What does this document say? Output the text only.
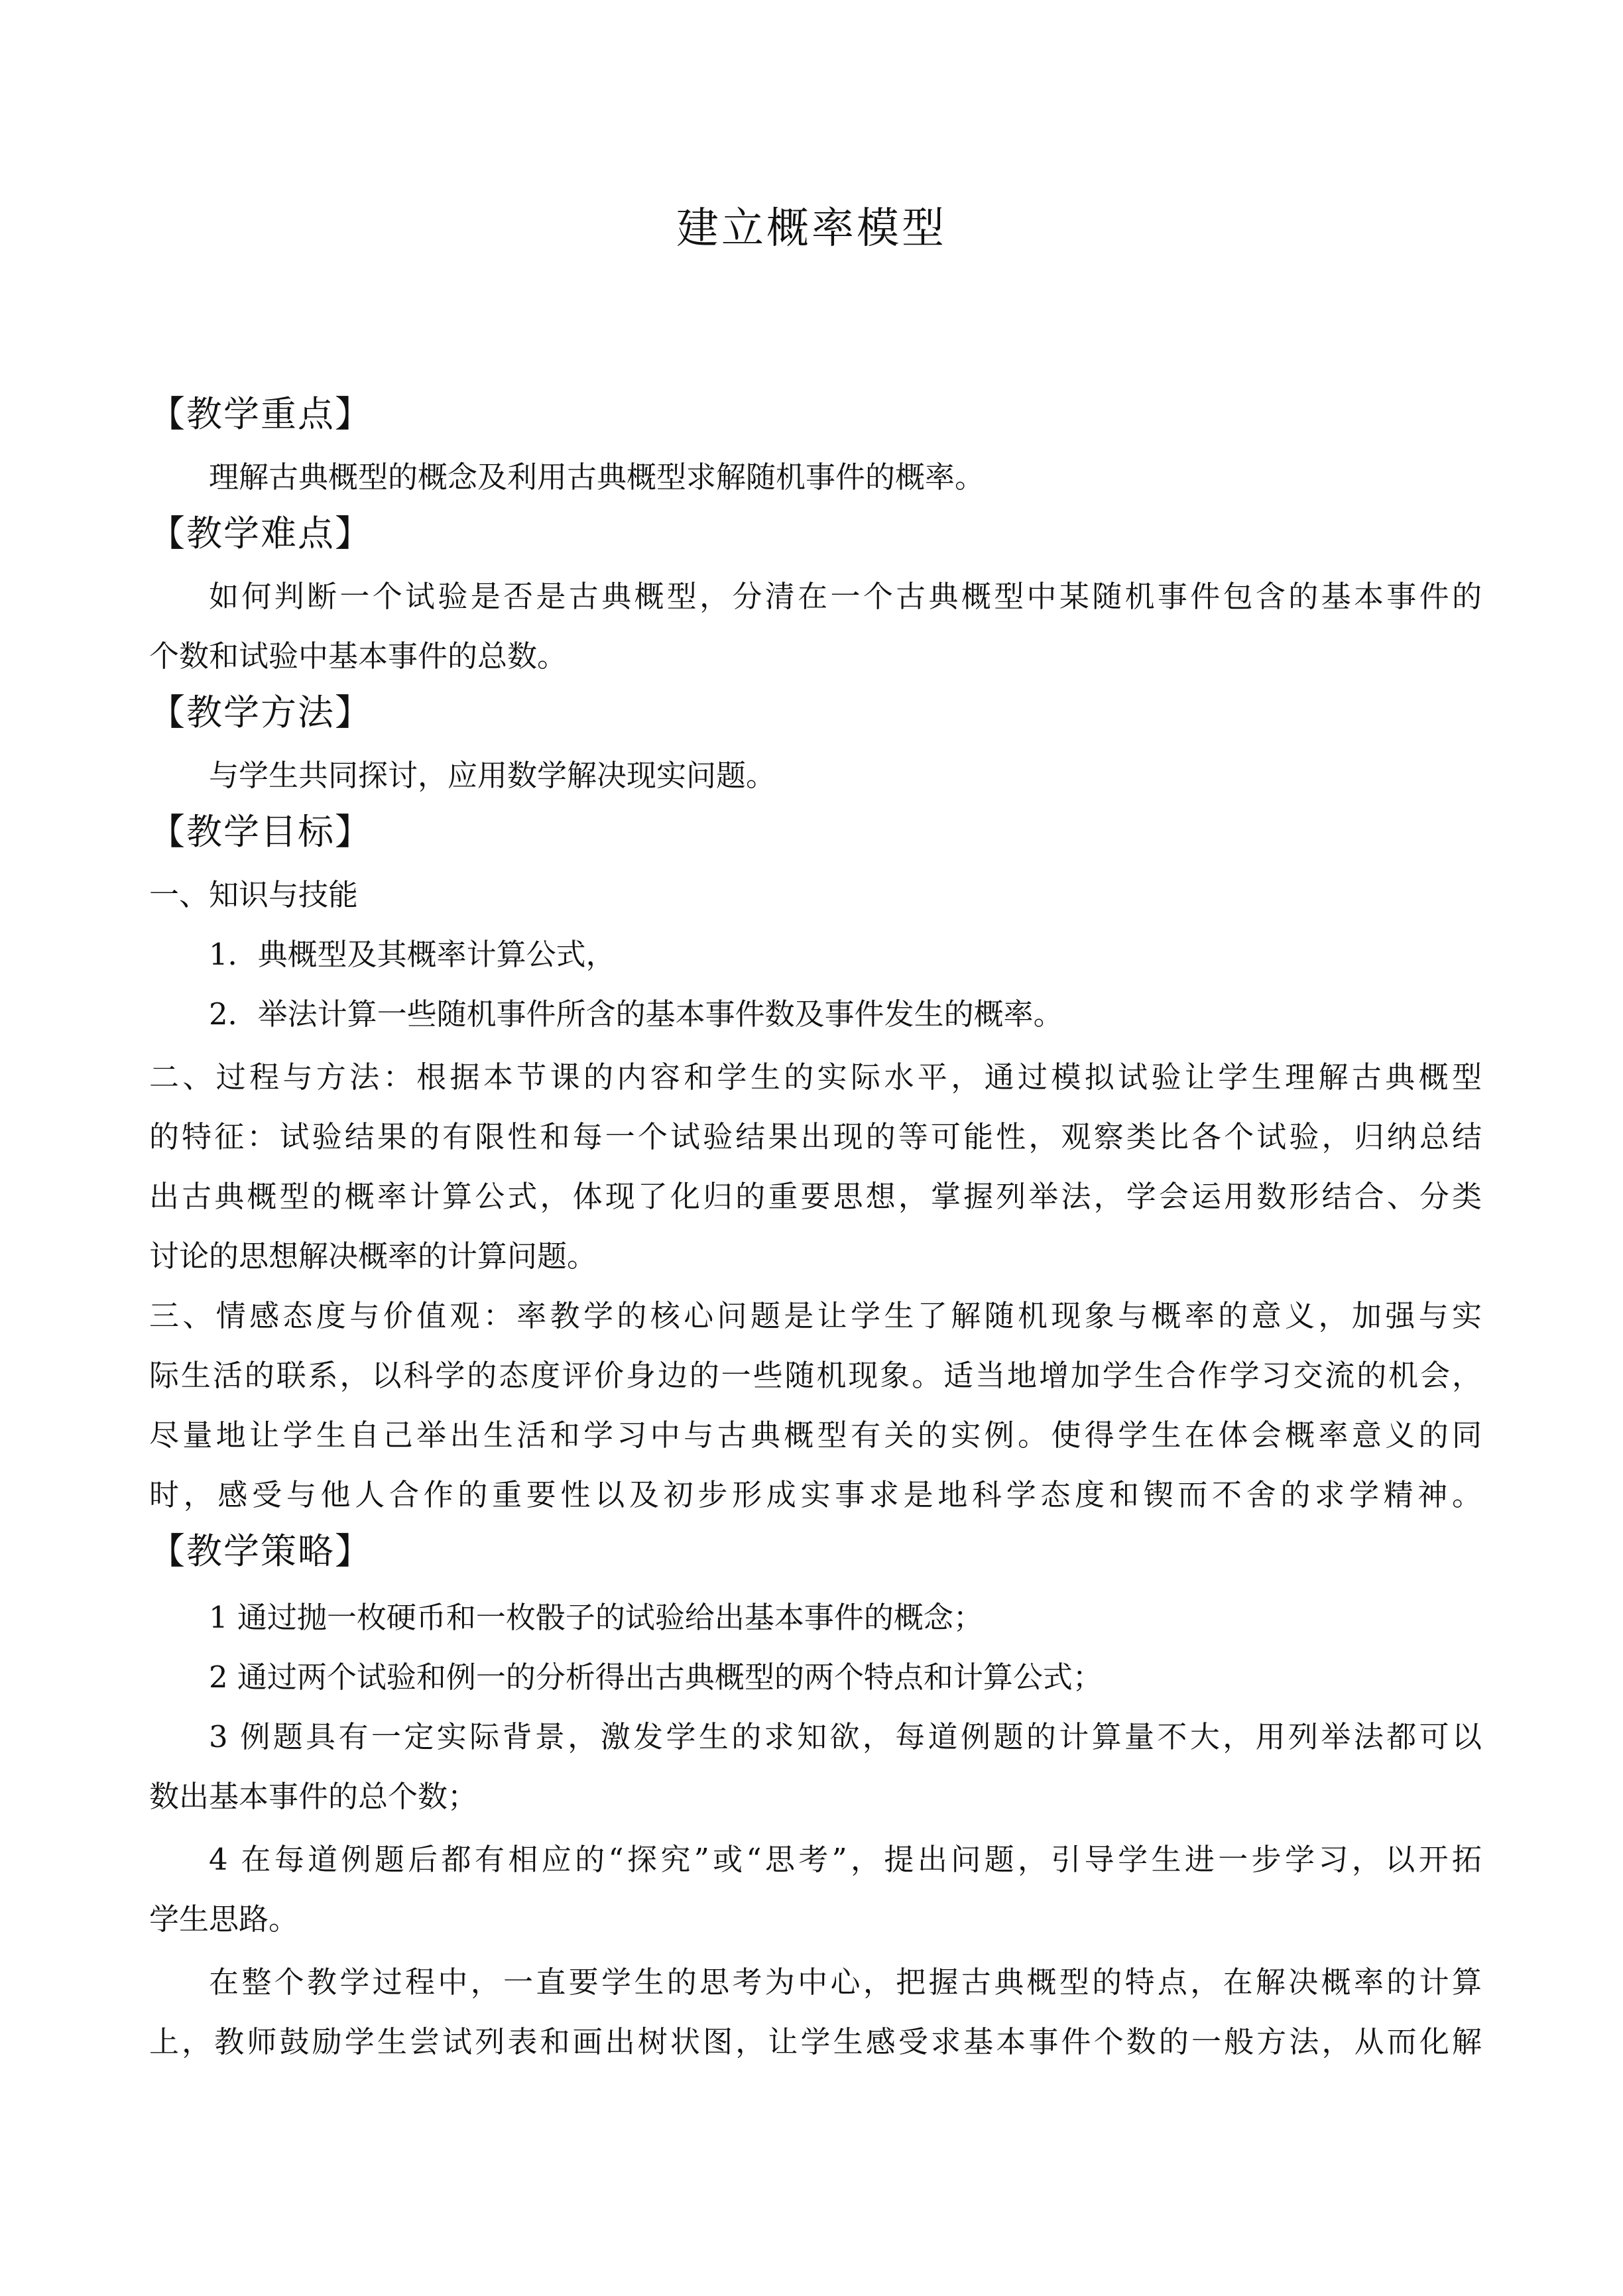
建立概率模型
【教学重点】
理解古典概型的概念及利用古典概型求解随机事件的概率。
【教学难点】
如何判断一个试验是否是古典概型，分清在一个古典概型中某随机事件包含的基本事件的
个数和试验中基本事件的总数。
【教学方法】
与学生共同探讨，应用数学解决现实问题。
【教学目标】
一、知识与技能
1．典概型及其概率计算公式，
2．举法计算一些随机事件所含的基本事件数及事件发生的概率。
二、过程与方法：根据本节课的内容和学生的实际水平，通过模拟试验让学生理解古典概型
的特征：试验结果的有限性和每一个试验结果出现的等可能性，观察类比各个试验，归纳总结
出古典概型的概率计算公式，体现了化归的重要思想，掌握列举法，学会运用数形结合、分类
讨论的思想解决概率的计算问题。
三、情感态度与价值观：率教学的核心问题是让学生了解随机现象与概率的意义，加强与实
际生活的联系，以科学的态度评价身边的一些随机现象。适当地增加学生合作学习交流的机会，
尽量地让学生自己举出生活和学习中与古典概型有关的实例。使得学生在体会概率意义的同
时，感受与他人合作的重要性以及初步形成实事求是地科学态度和锲而不舍的求学精神。
【教学策略】
1 通过抛一枚硬币和一枚骰子的试验给出基本事件的概念；
2 通过两个试验和例一的分析得出古典概型的两个特点和计算公式；
3 例题具有一定实际背景，激发学生的求知欲，每道例题的计算量不大，用列举法都可以
数出基本事件的总个数；
4 在每道例题后都有相应的“探究”或“思考”，提出问题，引导学生进一步学习，以开拓
学生思路。
在整个教学过程中，一直要学生的思考为中心，把握古典概型的特点，在解决概率的计算
上，教师鼓励学生尝试列表和画出树状图，让学生感受求基本事件个数的一般方法，从而化解
